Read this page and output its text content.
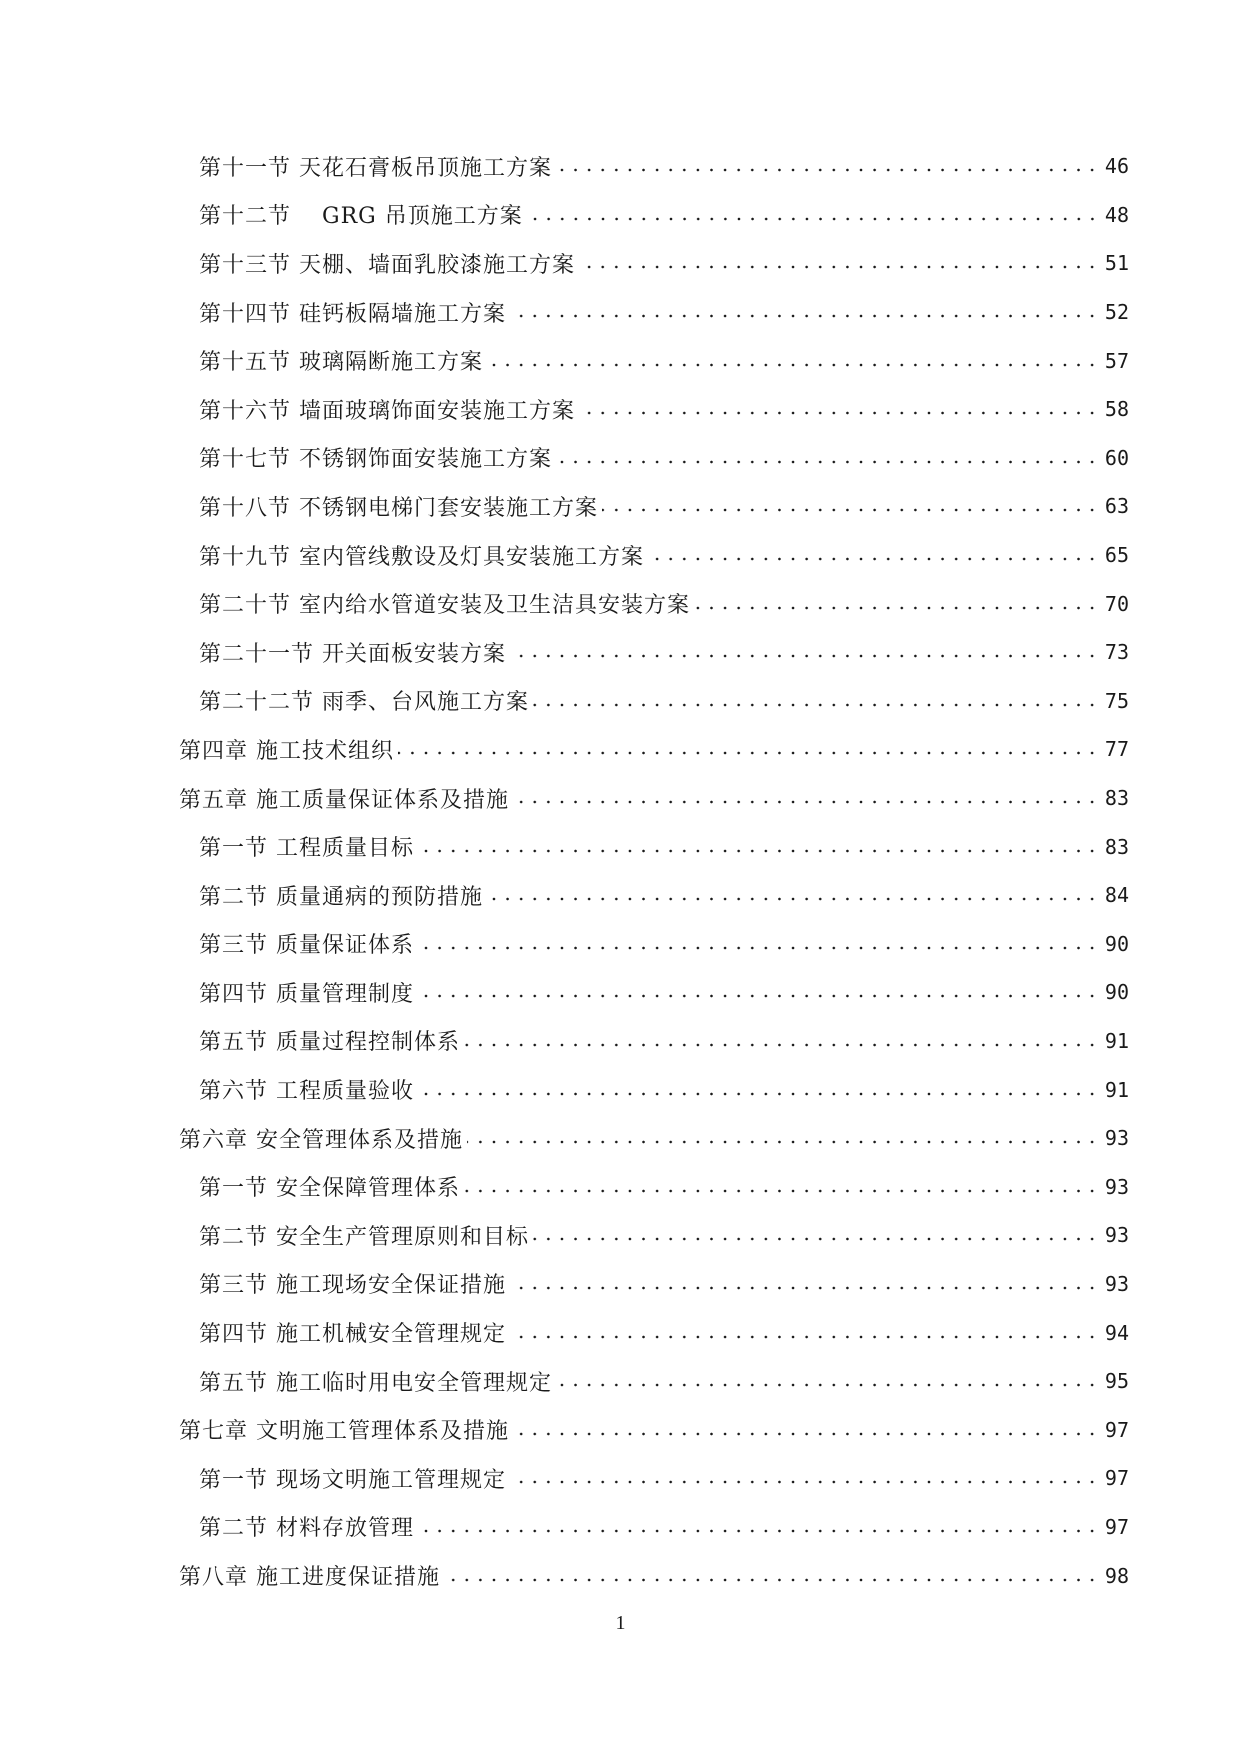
第十一节 天花石膏板吊顶施工方案	46
第十二节　 GRG 吊顶施工方案	48
第十三节 天棚、墙面乳胶漆施工方案	51
第十四节 硅钙板隔墙施工方案	52
第十五节 玻璃隔断施工方案	57
第十六节 墙面玻璃饰面安装施工方案	58
第十七节 不锈钢饰面安装施工方案	60
第十八节 不锈钢电梯门套安装施工方案	63
第十九节 室内管线敷设及灯具安装施工方案	65
第二十节 室内给水管道安装及卫生洁具安装方案	70
第二十一节 开关面板安装方案	73
第二十二节 雨季、台风施工方案	75
第四章 施工技术组织	77
第五章 施工质量保证体系及措施	83
第一节 工程质量目标	83
第二节 质量通病的预防措施	84
第三节 质量保证体系	90
第四节 质量管理制度	90
第五节 质量过程控制体系	91
第六节 工程质量验收	91
第六章 安全管理体系及措施	93
第一节 安全保障管理体系	93
第二节 安全生产管理原则和目标	93
第三节 施工现场安全保证措施	93
第四节 施工机械安全管理规定	94
第五节 施工临时用电安全管理规定	95
第七章 文明施工管理体系及措施	97
第一节 现场文明施工管理规定	97
第二节 材料存放管理	97
第八章 施工进度保证措施	98
1
